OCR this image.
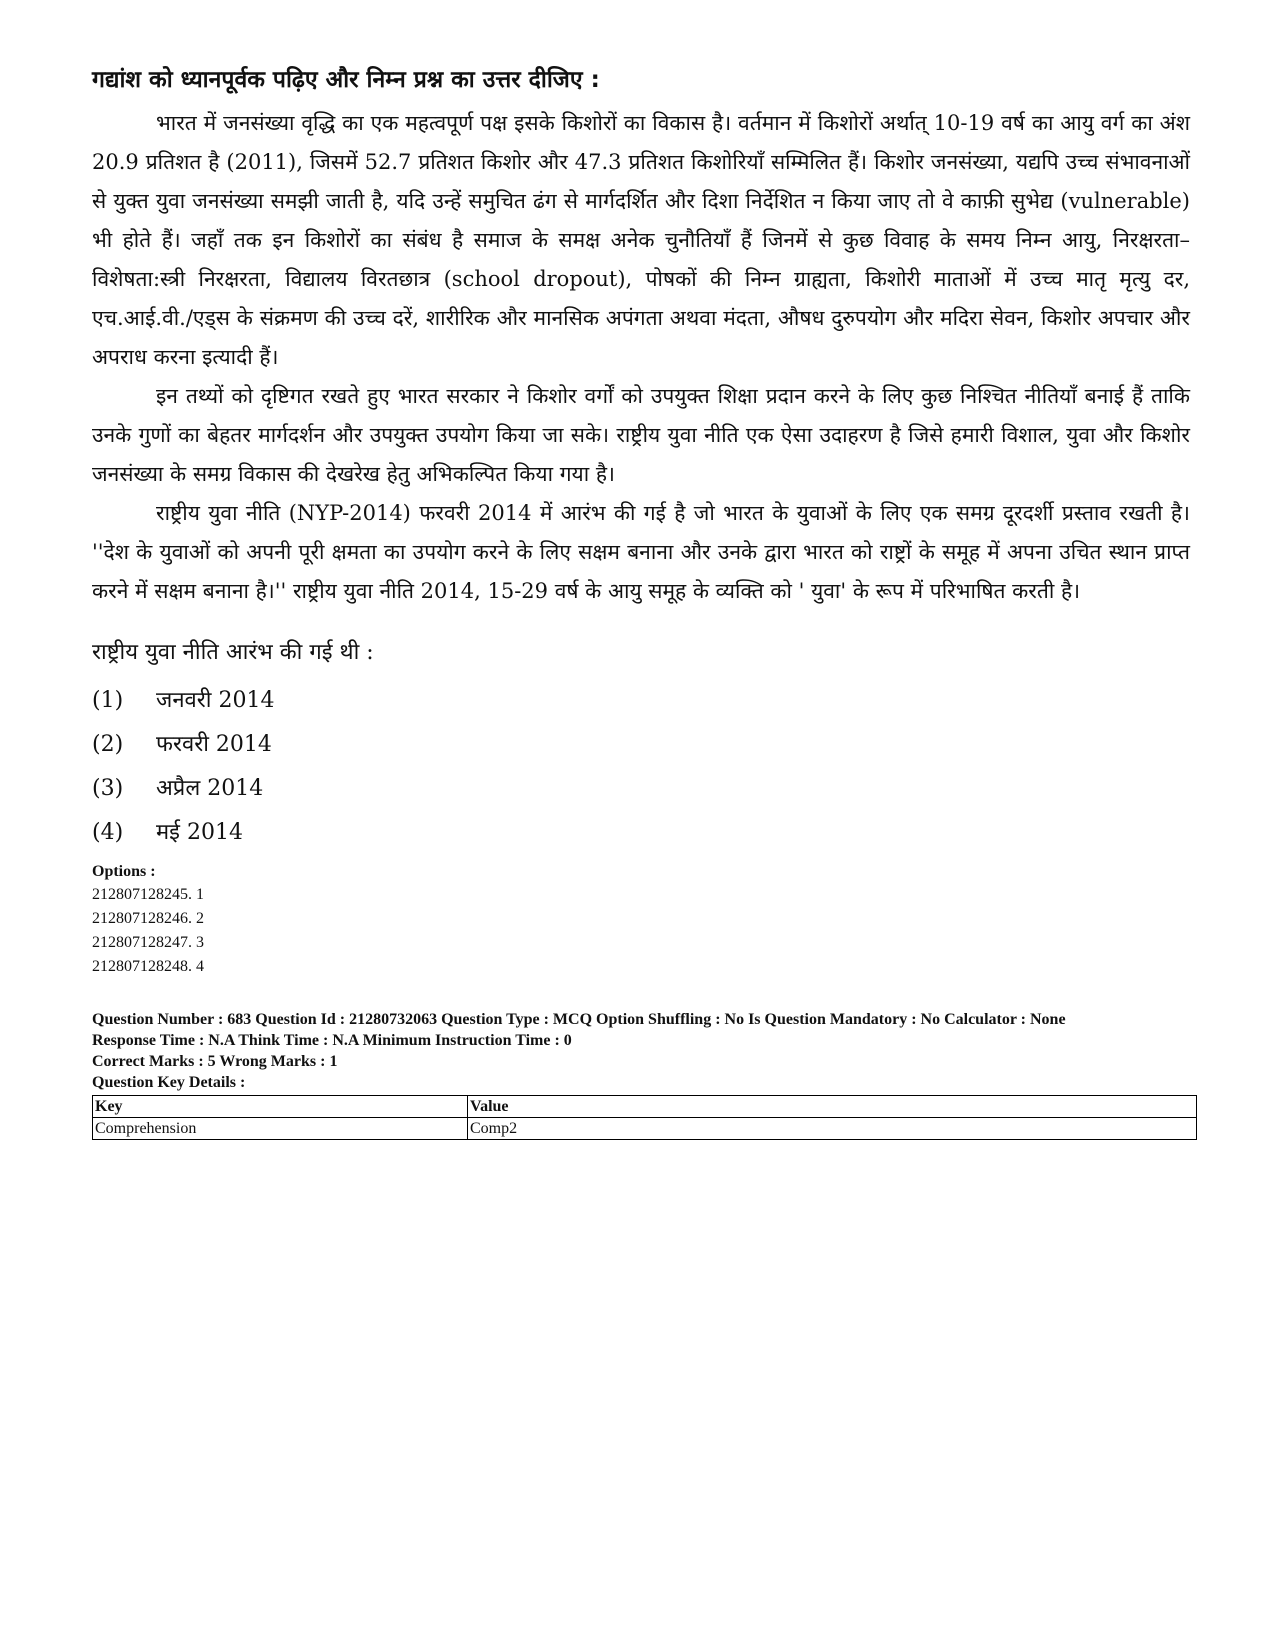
गद्यांश को ध्यानपूर्वक पढ़िए और निम्न प्रश्न का उत्तर दीजिए :

भारत में जनसंख्या वृद्धि का एक महत्वपूर्ण पक्ष इसके किशोरों का विकास है। वर्तमान में किशोरों अर्थात् 10-19 वर्ष का आयु वर्ग का अंश 20.9 प्रतिशत है (2011), जिसमें 52.7 प्रतिशत किशोर और 47.3 प्रतिशत किशोरियाँ सम्मिलित हैं। किशोर जनसंख्या, यद्यपि उच्च संभावनाओं से युक्त युवा जनसंख्या समझी जाती है, यदि उन्हें समुचित ढंग से मार्गदर्शित और दिशा निर्देशित न किया जाए तो वे काफ़ी सुभेद्य (vulnerable) भी होते हैं। जहाँ तक इन किशोरों का संबंध है समाज के समक्ष अनेक चुनौतियाँ हैं जिनमें से कुछ विवाह के समय निम्न आयु, निरक्षरता–विशेषता:स्त्री निरक्षरता, विद्यालय विरतछात्र (school dropout), पोषकों की निम्न ग्राह्यता, किशोरी माताओं में उच्च मातृ मृत्यु दर, एच.आई.वी./एड्स के संक्रमण की उच्च दरें, शारीरिक और मानसिक अपंगता अथवा मंदता, औषध दुरुपयोग और मदिरा सेवन, किशोर अपचार और अपराध करना इत्यादी हैं।

इन तथ्यों को दृष्टिगत रखते हुए भारत सरकार ने किशोर वर्गों को उपयुक्त शिक्षा प्रदान करने के लिए कुछ निश्चित नीतियाँ बनाई हैं ताकि उनके गुणों का बेहतर मार्गदर्शन और उपयुक्त उपयोग किया जा सके। राष्ट्रीय युवा नीति एक ऐसा उदाहरण है जिसे हमारी विशाल, युवा और किशोर जनसंख्या के समग्र विकास की देखरेख हेतु अभिकल्पित किया गया है।

राष्ट्रीय युवा नीति (NYP-2014) फरवरी 2014 में आरंभ की गई है जो भारत के युवाओं के लिए एक समग्र दूरदर्शी प्रस्ताव रखती है। ''देश के युवाओं को अपनी पूरी क्षमता का उपयोग करने के लिए सक्षम बनाना और उनके द्वारा भारत को राष्ट्रों के समूह में अपना उचित स्थान प्राप्त करने में सक्षम बनाना है।'' राष्ट्रीय युवा नीति 2014, 15-29 वर्ष के आयु समूह के व्यक्ति को ' युवा' के रूप में परिभाषित करती है।

राष्ट्रीय युवा नीति आरंभ की गई थी :
(1)	जनवरी 2014
(2)	फरवरी 2014
(3)	अप्रैल 2014
(4)	मई 2014
Options :
212807128245. 1
212807128246. 2
212807128247. 3
212807128248. 4
Question Number : 683 Question Id : 21280732063 Question Type : MCQ Option Shuffling : No Is Question Mandatory : No Calculator : None
Response Time : N.A Think Time : N.A Minimum Instruction Time : 0
Correct Marks : 5 Wrong Marks : 1
Question Key Details :
Key	Value
Comprehension	Comp2
